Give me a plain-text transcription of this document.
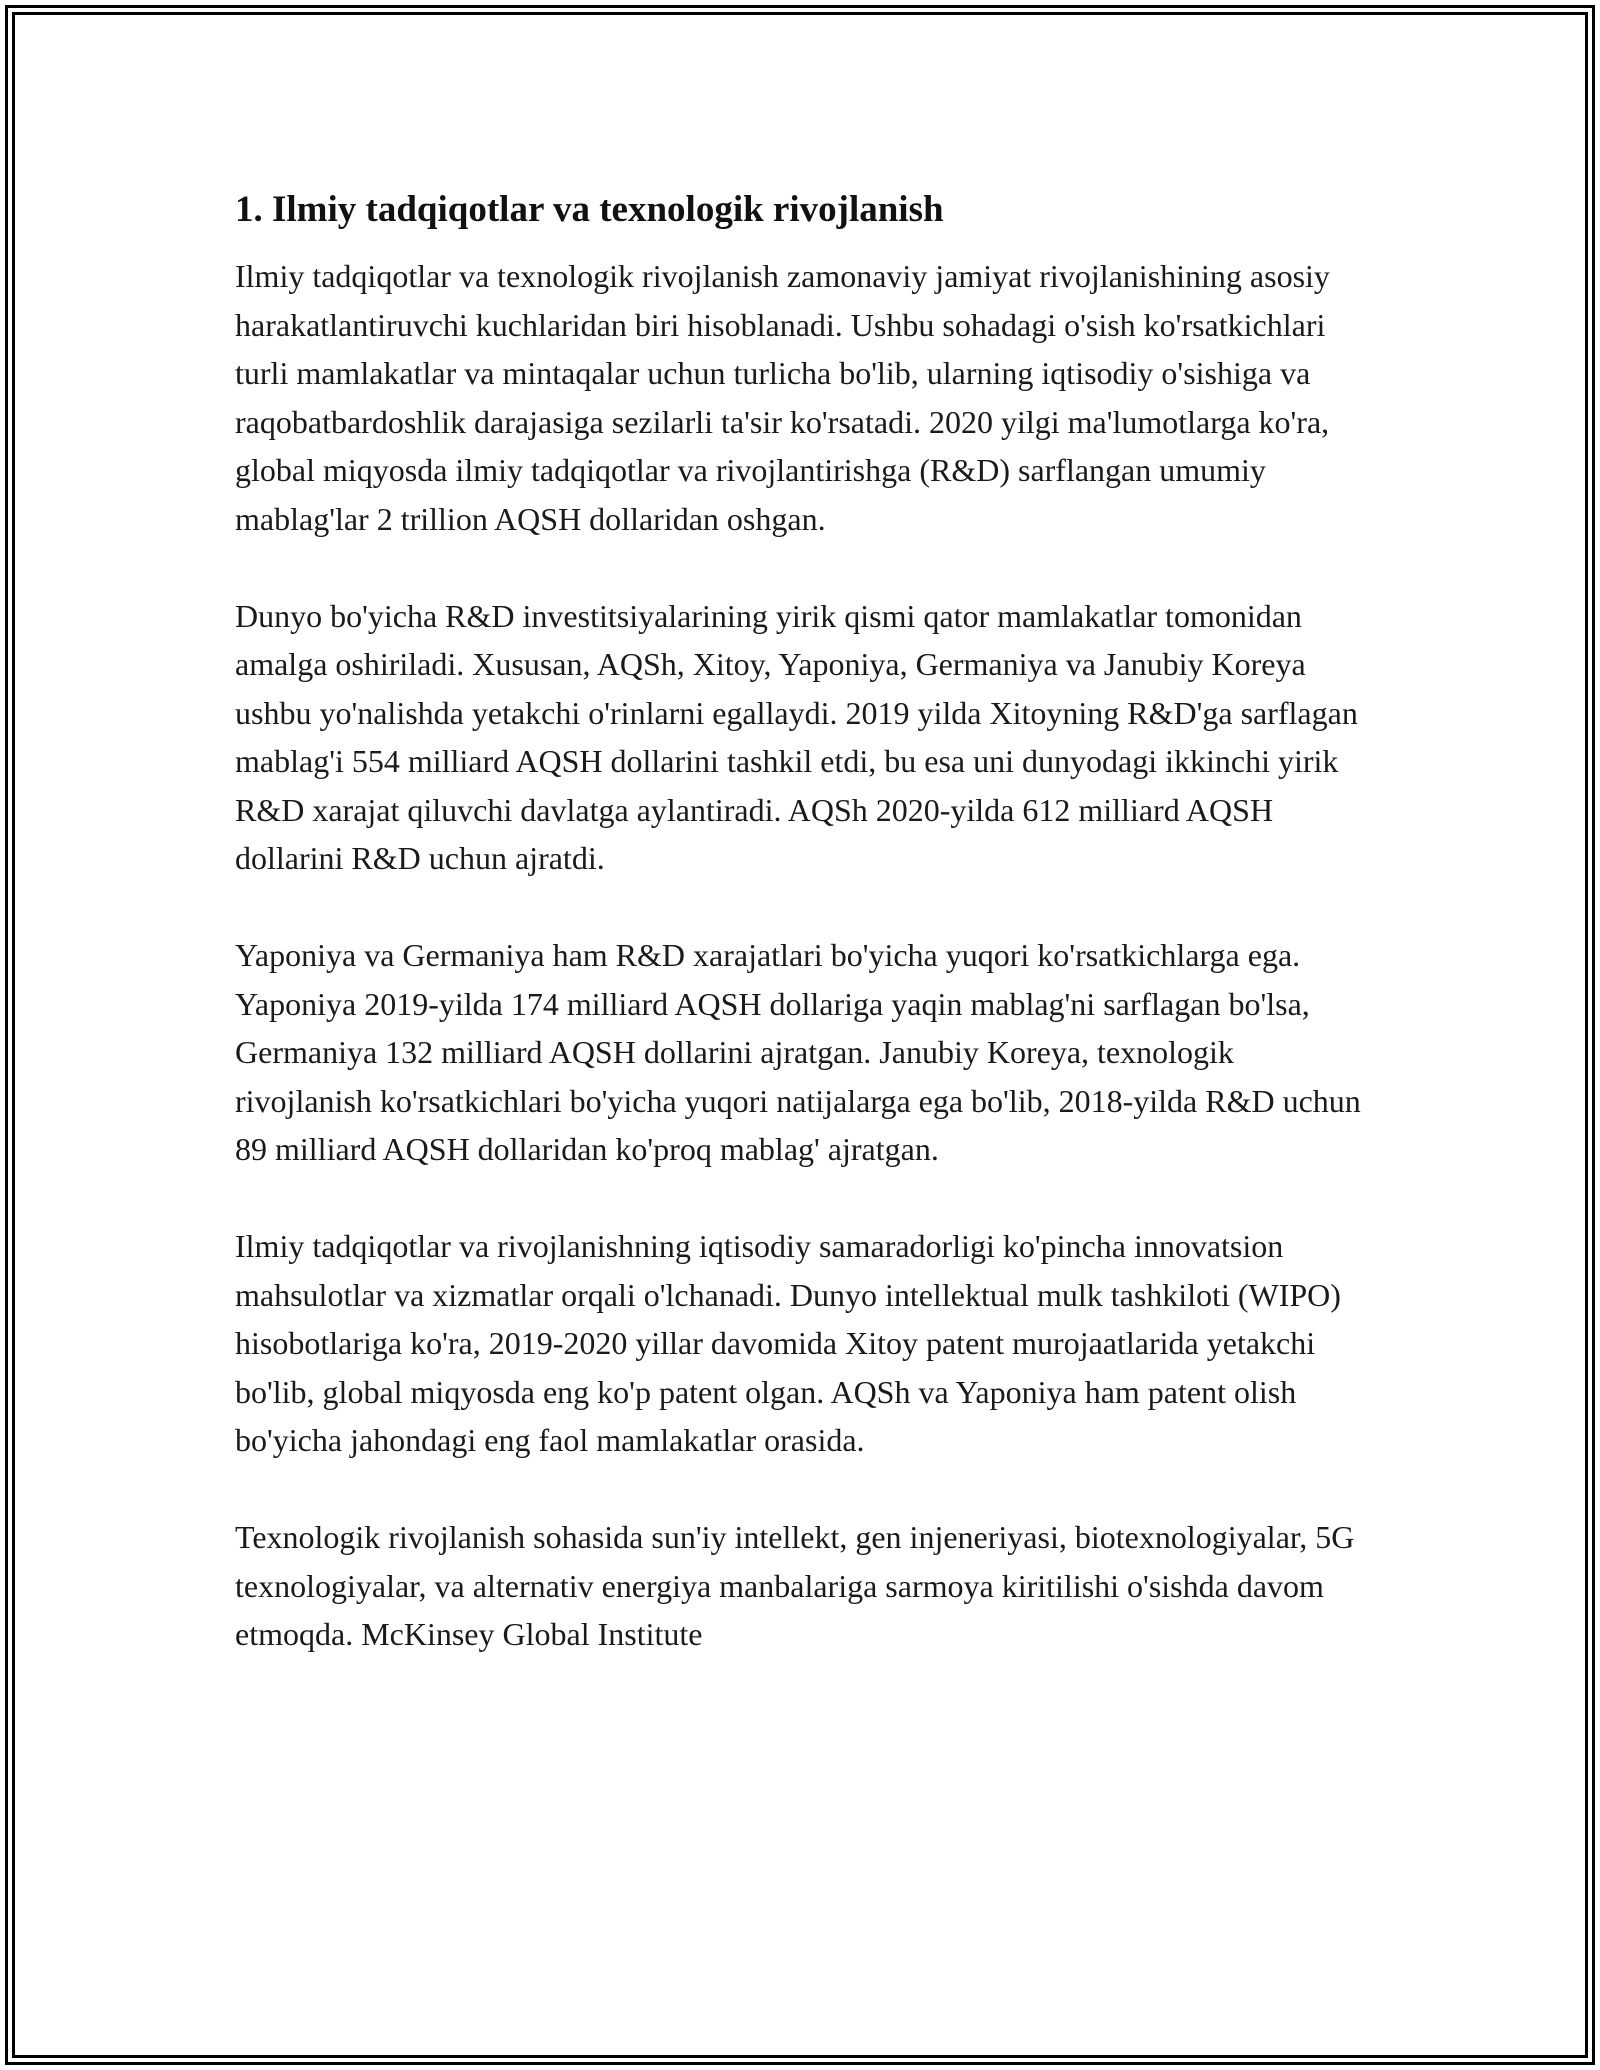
1. Ilmiy tadqiqotlar va texnologik rivojlanish

Ilmiy tadqiqotlar va texnologik rivojlanish zamonaviy jamiyat rivojlanishining asosiy harakatlantiruvchi kuchlaridan biri hisoblanadi. Ushbu sohadagi o'sish ko'rsatkichlari turli mamlakatlar va mintaqalar uchun turlicha bo'lib, ularning iqtisodiy o'sishiga va raqobatbardoshlik darajasiga sezilarli ta'sir ko'rsatadi. 2020 yilgi ma'lumotlarga ko'ra, global miqyosda ilmiy tadqiqotlar va rivojlantirishga (R&D) sarflangan umumiy mablag'lar 2 trillion AQSH dollaridan oshgan.

Dunyo bo'yicha R&D investitsiyalarining yirik qismi qator mamlakatlar tomonidan amalga oshiriladi. Xususan, AQSh, Xitoy, Yaponiya, Germaniya va Janubiy Koreya ushbu yo'nalishda yetakchi o'rinlarni egallaydi. 2019 yilda Xitoyning R&D'ga sarflagan mablag'i 554 milliard AQSH dollarini tashkil etdi, bu esa uni dunyodagi ikkinchi yirik R&D xarajat qiluvchi davlatga aylantiradi. AQSh 2020-yilda 612 milliard AQSH dollarini R&D uchun ajratdi.

Yaponiya va Germaniya ham R&D xarajatlari bo'yicha yuqori ko'rsatkichlarga ega. Yaponiya 2019-yilda 174 milliard AQSH dollariga yaqin mablag'ni sarflagan bo'lsa, Germaniya 132 milliard AQSH dollarini ajratgan. Janubiy Koreya, texnologik rivojlanish ko'rsatkichlari bo'yicha yuqori natijalarga ega bo'lib, 2018-yilda R&D uchun 89 milliard AQSH dollaridan ko'proq mablag' ajratgan.

Ilmiy tadqiqotlar va rivojlanishning iqtisodiy samaradorligi ko'pincha innovatsion mahsulotlar va xizmatlar orqali o'lchanadi. Dunyo intellektual mulk tashkiloti (WIPO) hisobotlariga ko'ra, 2019-2020 yillar davomida Xitoy patent murojaatlarida yetakchi bo'lib, global miqyosda eng ko'p patent olgan. AQSh va Yaponiya ham patent olish bo'yicha jahondagi eng faol mamlakatlar orasida.

Texnologik rivojlanish sohasida sun'iy intellekt, gen injeneriyasi, biotexnologiyalar, 5G texnologiyalar, va alternativ energiya manbalariga sarmoya kiritilishi o'sishda davom etmoqda. McKinsey Global Institute
